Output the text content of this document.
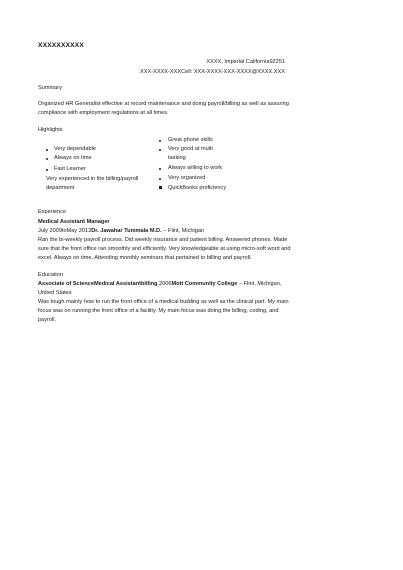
XXXXXXXXXX
XXXX, Imperial California92251
XXX-XXXX-XXXCell: XXX-XXXX-XXX-XXXX@XXXX.XXX
Summary
Organized HR Generalist effective at record maintenance and doing payroll/billing as well as assuring
compliance with employment regulations at all times.
Highlights
Very dependable
Always on time
Fast Learner
Very experienced in the billing/payroll
department
Great phone skills
Very good at multi
tasking
Always willing to work
Very organized
QuickBooks proficiency
Experience
Medical Assistant Manager
July 2009toMay 2013Dr. Jawahar Tummala M.D. − Flint, Michigan
Ran the bi-weekly payroll process. Did weekly insurance and patient billing. Answered phones. Made
sure that the front office ran smoothly and efficiently. Very knowledgeable at using micro-soft word and
excel. Always on time. Attending monthly seminars that pertained to billing and payroll.
Education
Associate of ScienceMedical Assistantbilling,2006Mott Community College − Flint, Michigan,
United States
Was tough mainly how to run the front office of a medical building as well as the clinical part. My main
focus was on running the front office of a facility. My main focus was doing the billing, coding, and
payroll.
